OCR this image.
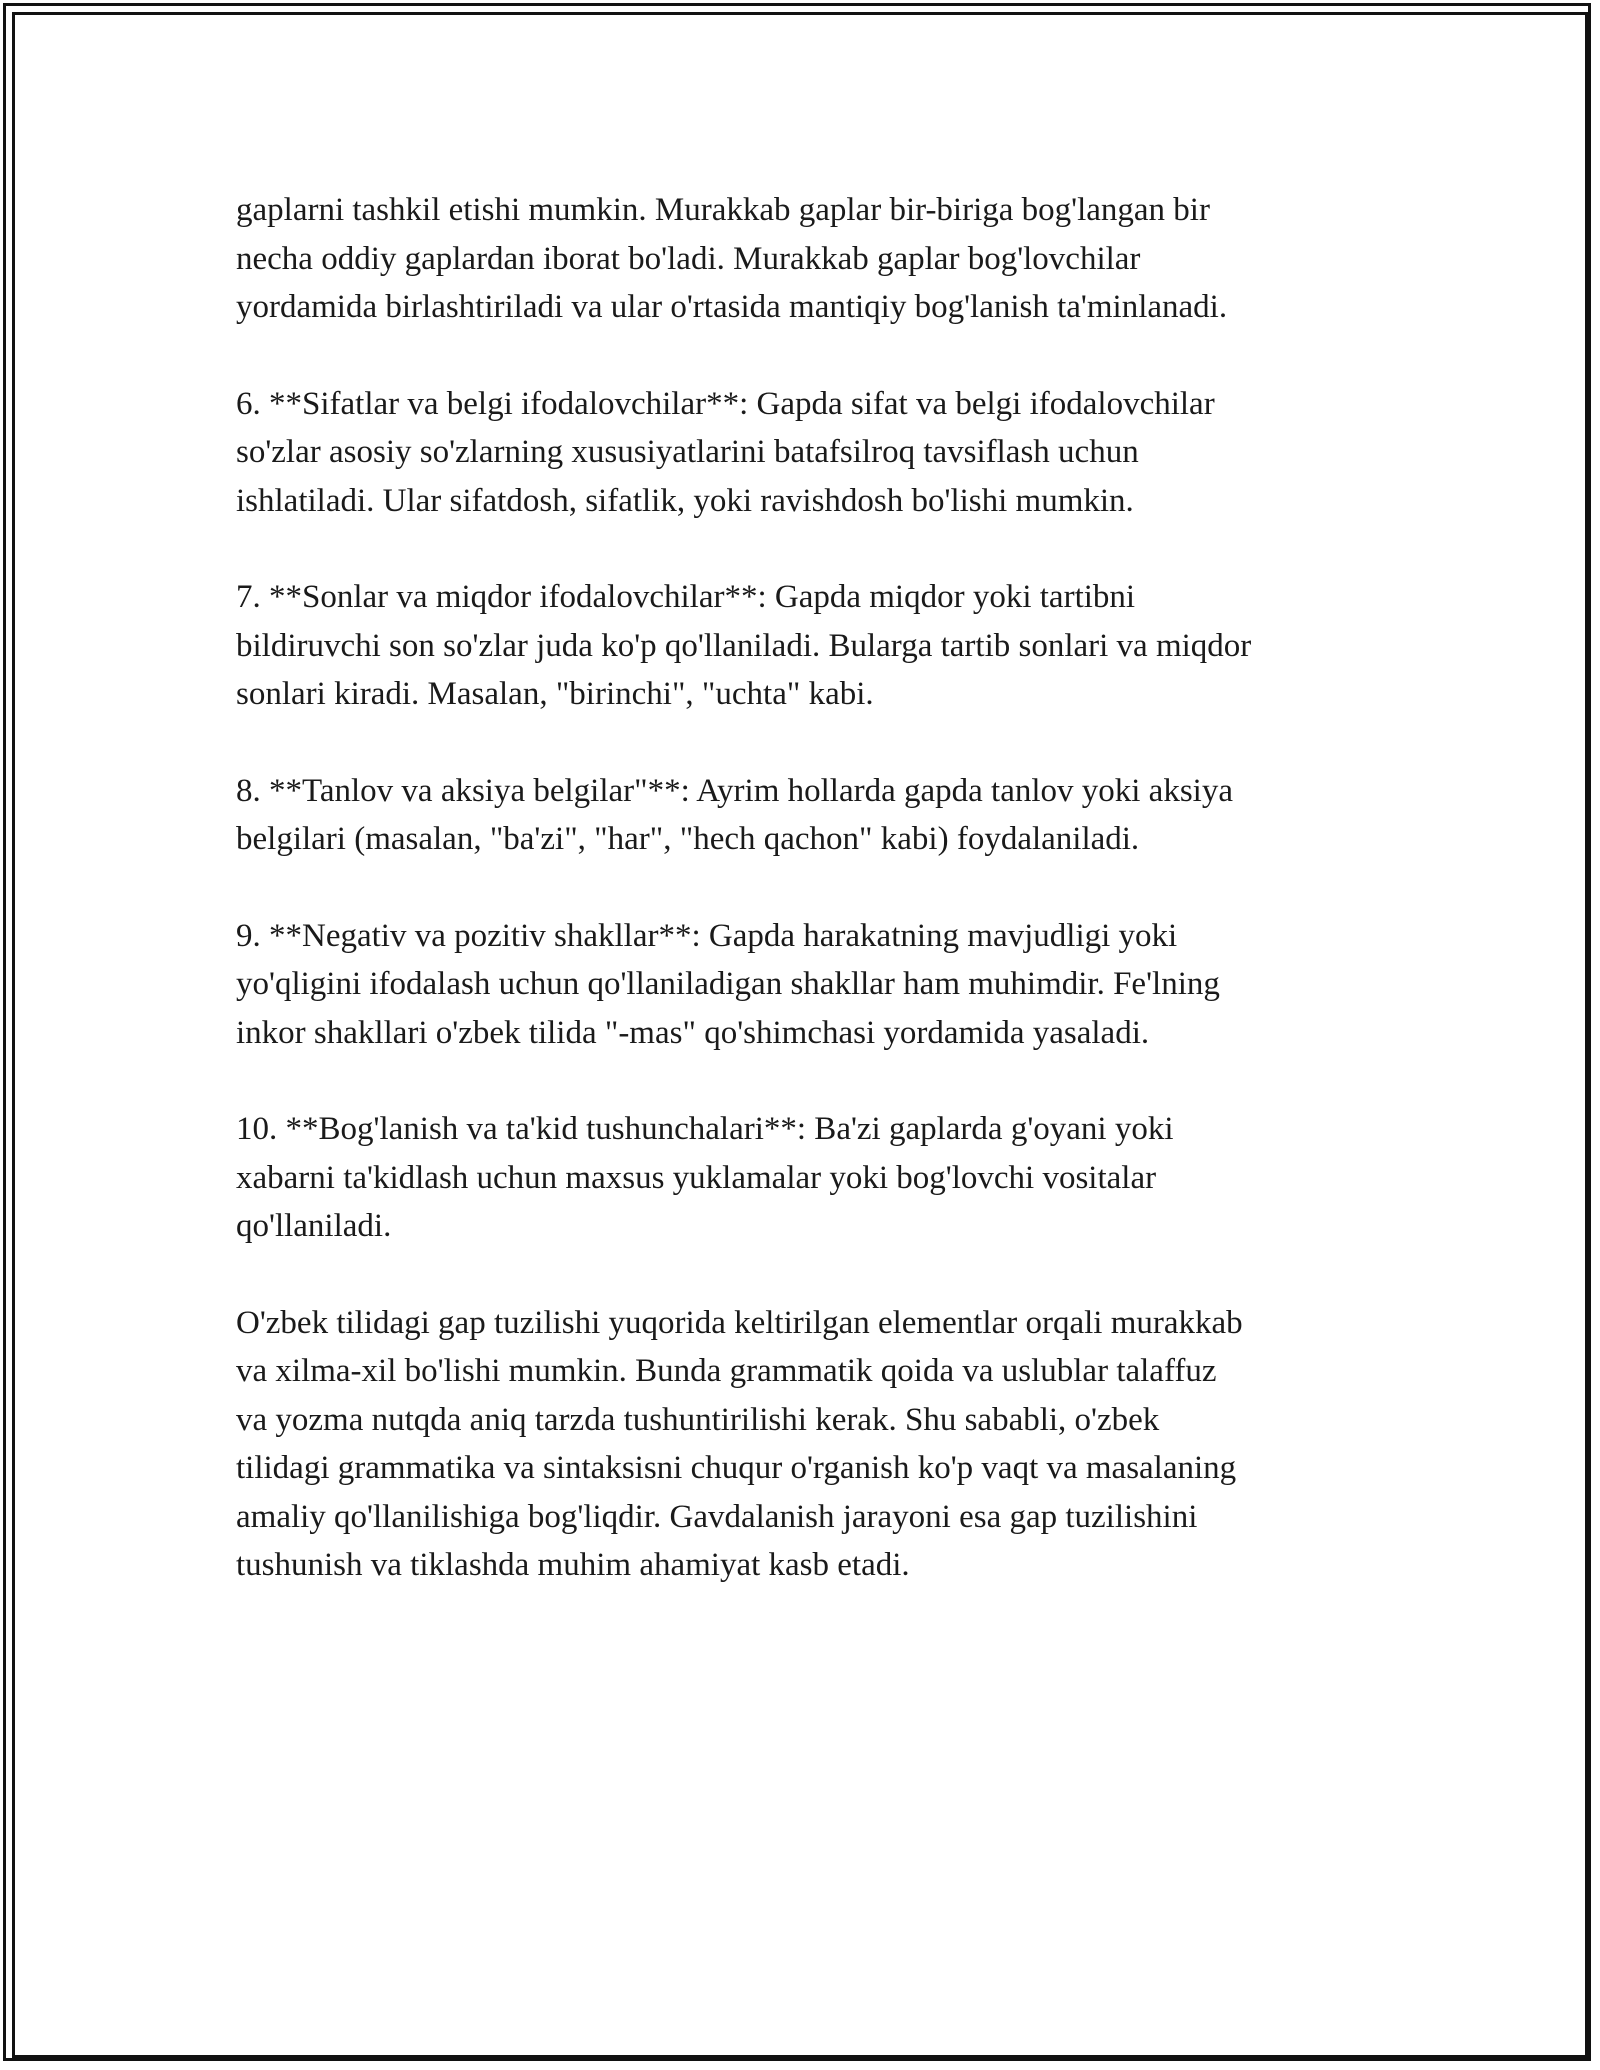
gaplarni tashkil etishi mumkin. Murakkab gaplar bir-biriga bog'langan bir
necha oddiy gaplardan iborat bo'ladi. Murakkab gaplar bog'lovchilar
yordamida birlashtiriladi va ular o'rtasida mantiqiy bog'lanish ta'minlanadi.

6. **Sifatlar va belgi ifodalovchilar**: Gapda sifat va belgi ifodalovchilar
so'zlar asosiy so'zlarning xususiyatlarini batafsilroq tavsiflash uchun
ishlatiladi. Ular sifatdosh, sifatlik, yoki ravishdosh bo'lishi mumkin.

7. **Sonlar va miqdor ifodalovchilar**: Gapda miqdor yoki tartibni
bildiruvchi son so'zlar juda ko'p qo'llaniladi. Bularga tartib sonlari va miqdor
sonlari kiradi. Masalan, "birinchi", "uchta" kabi.

8. **Tanlov va aksiya belgilar"**: Ayrim hollarda gapda tanlov yoki aksiya
belgilari (masalan, "ba'zi", "har", "hech qachon" kabi) foydalaniladi.

9. **Negativ va pozitiv shakllar**: Gapda harakatning mavjudligi yoki
yo'qligini ifodalash uchun qo'llaniladigan shakllar ham muhimdir. Fe'lning
inkor shakllari o'zbek tilida "-mas" qo'shimchasi yordamida yasaladi.

10. **Bog'lanish va ta'kid tushunchalari**: Ba'zi gaplarda g'oyani yoki
xabarni ta'kidlash uchun maxsus yuklamalar yoki bog'lovchi vositalar
qo'llaniladi.

O'zbek tilidagi gap tuzilishi yuqorida keltirilgan elementlar orqali murakkab
va xilma-xil bo'lishi mumkin. Bunda grammatik qoida va uslublar talaffuz
va yozma nutqda aniq tarzda tushuntirilishi kerak. Shu sababli, o'zbek
tilidagi grammatika va sintaksisni chuqur o'rganish ko'p vaqt va masalaning
amaliy qo'llanilishiga bog'liqdir. Gavdalanish jarayoni esa gap tuzilishini
tushunish va tiklashda muhim ahamiyat kasb etadi.
